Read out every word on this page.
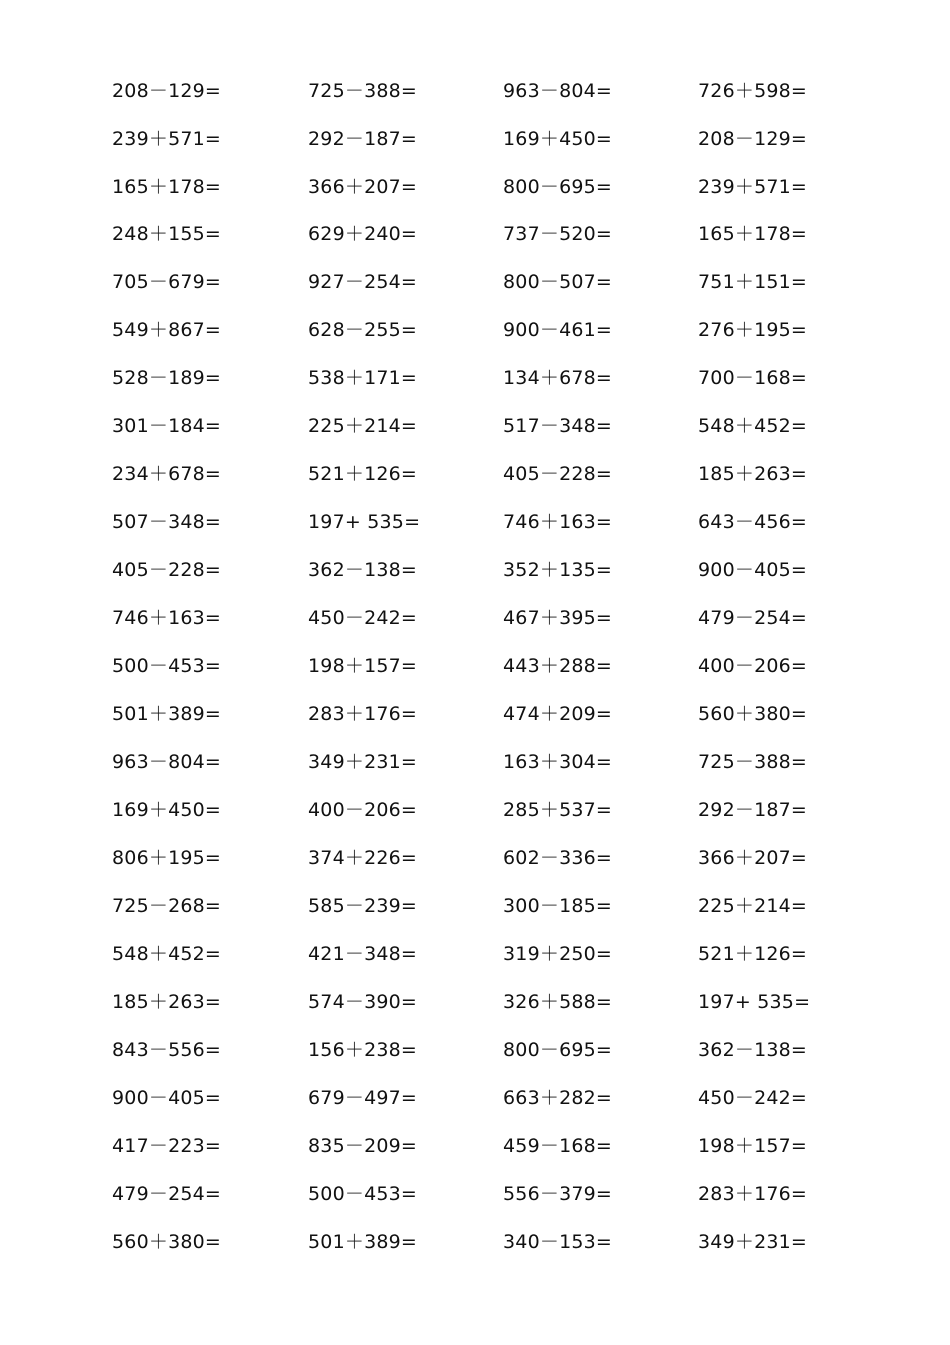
208－129=	725－388=	963－804=	726＋598=
239＋571=	292－187=	169＋450=	208－129=
165＋178=	366＋207=	800－695=	239＋571=
248＋155=	629＋240=	737－520=	165＋178=
705－679=	927－254=	800－507=	751＋151=
549＋867=	628－255=	900－461=	276＋195=
528－189=	538＋171=	134＋678=	700－168=
301－184=	225＋214=	517－348=	548＋452=
234＋678=	521＋126=	405－228=	185＋263=
507－348=	197+ 535=	746＋163=	643－456=
405－228=	362－138=	352＋135=	900－405=
746＋163=	450－242=	467＋395=	479－254=
500－453=	198＋157=	443＋288=	400－206=
501＋389=	283＋176=	474＋209=	560＋380=
963－804=	349＋231=	163＋304=	725－388=
169＋450=	400－206=	285＋537=	292－187=
806＋195=	374＋226=	602－336=	366＋207=
725－268=	585－239=	300－185=	225＋214=
548＋452=	421－348=	319＋250=	521＋126=
185＋263=	574－390=	326＋588=	197+ 535=
843－556=	156＋238=	800－695=	362－138=
900－405=	679－497=	663＋282=	450－242=
417－223=	835－209=	459－168=	198＋157=
479－254=	500－453=	556－379=	283＋176=
560＋380=	501＋389=	340－153=	349＋231=
